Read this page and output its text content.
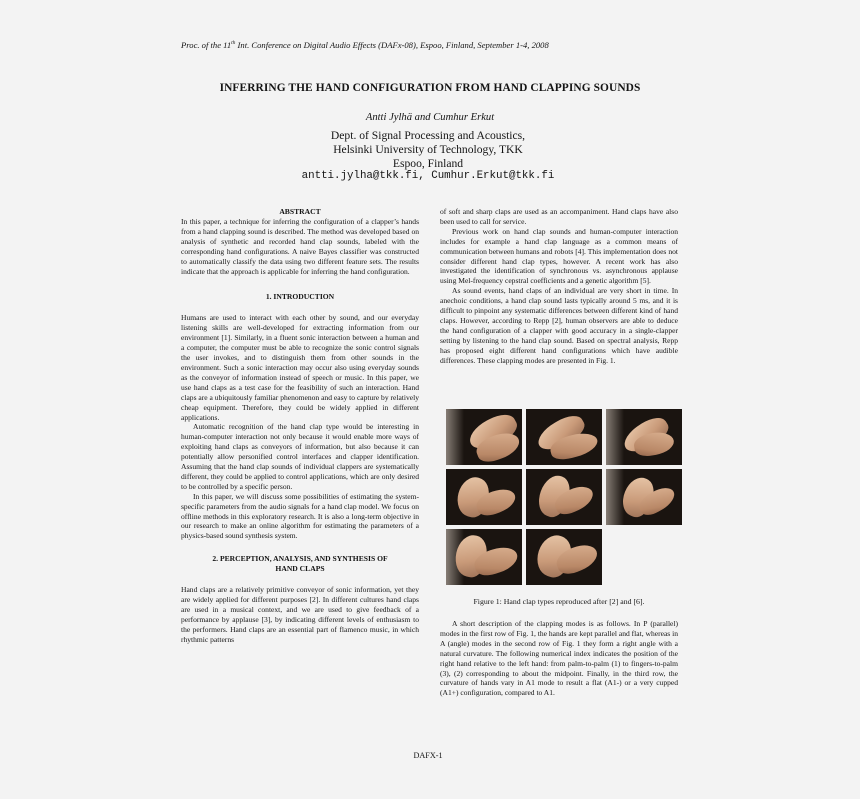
Proc. of the 11th Int. Conference on Digital Audio Effects (DAFx-08), Espoo, Finland, September 1-4, 2008
INFERRING THE HAND CONFIGURATION FROM HAND CLAPPING SOUNDS
Antti Jylhä and Cumhur Erkut
Dept. of Signal Processing and Acoustics,
Helsinki University of Technology, TKK
Espoo, Finland
antti.jylha@tkk.fi, Cumhur.Erkut@tkk.fi

ABSTRACT

In this paper, a technique for inferring the configuration of a clapper’s hands from a hand clapping sound is described. The method was developed based on analysis of synthetic and recorded hand clap sounds, labeled with the corresponding hand configurations. A naive Bayes classifier was constructed to automatically classify the data using two different feature sets. The results indicate that the approach is applicable for inferring the hand configuration.

1. INTRODUCTION

Humans are used to interact with each other by sound, and our everyday listening skills are well-developed for extracting information from our environment [1]. Similarly, in a fluent sonic interaction between a human and a computer, the computer must be able to recognize the sonic control signals the user invokes, and to distinguish them from other sounds in the environment. Such a sonic interaction may occur also using everyday sounds as the conveyor of information instead of speech or music. In this paper, we use hand claps as a test case for the feasibility of such an interaction. Hand claps are a ubiquitously familiar phenomenon and easy to capture by relatively cheap equipment. Therefore, they could be widely applied in different applications.

Automatic recognition of the hand clap type would be interesting in human-computer interaction not only because it would enable more ways of exploiting hand claps as conveyors of information, but also because it can potentially allow personified control interfaces and clapper identification. Assuming that the hand clap sounds of individual clappers are systematically different, they could be applied to control applications, which are only desired to be controlled by a specific person.

In this paper, we will discuss some possibilities of estimating the system-specific parameters from the audio signals for a hand clap model. We focus on offline methods in this exploratory research. It is also a long-term objective in our research to make an online algorithm for estimating the parameters of a physics-based sound synthesis system.

2. PERCEPTION, ANALYSIS, AND SYNTHESIS OF
HAND CLAPS

Hand claps are a relatively primitive conveyor of sonic information, yet they are widely applied for different purposes [2]. In different cultures hand claps are used in a musical context, and we are used to give feedback of a performance by applause [3], by indicating different levels of enthusiasm to the performers. Hand claps are an essential part of flamenco music, in which rhythmic patterns

of soft and sharp claps are used as an accompaniment. Hand claps have also been used to call for service.

Previous work on hand clap sounds and human-computer interaction includes for example a hand clap language as a common means of communication between humans and robots [4]. This implementation does not consider different hand clap types, however. A recent work has also investigated the identification of synchronous vs. asynchronous applause using Mel-frequency cepstral coefficients and a genetic algorithm [5].

As sound events, hand claps of an individual are very short in time. In anechoic conditions, a hand clap sound lasts typically around 5 ms, and it is difficult to pinpoint any systematic differences between different kind of hand claps. However, according to Repp [2], human observers are able to deduce the hand configuration of a clapper with good accuracy in a single-clapper setting by listening to the hand clap sound. Based on spectral analysis, Repp has proposed eight different hand configurations which have audible differences. These clapping modes are presented in Fig. 1.

Figure 1: Hand clap types reproduced after [2] and [6].

A short description of the clapping modes is as follows. In P (parallel) modes in the first row of Fig. 1, the hands are kept parallel and flat, whereas in A (angle) modes in the second row of Fig. 1 they form a right angle with a natural curvature. The following numerical index indicates the position of the right hand relative to the left hand: from palm-to-palm (1) to fingers-to-palm (3), (2) corresponding to about the midpoint. Finally, in the third row, the curvature of hands vary in A1 mode to result a flat (A1-) or a very cupped (A1+) configuration, compared to A1.

DAFX-1
